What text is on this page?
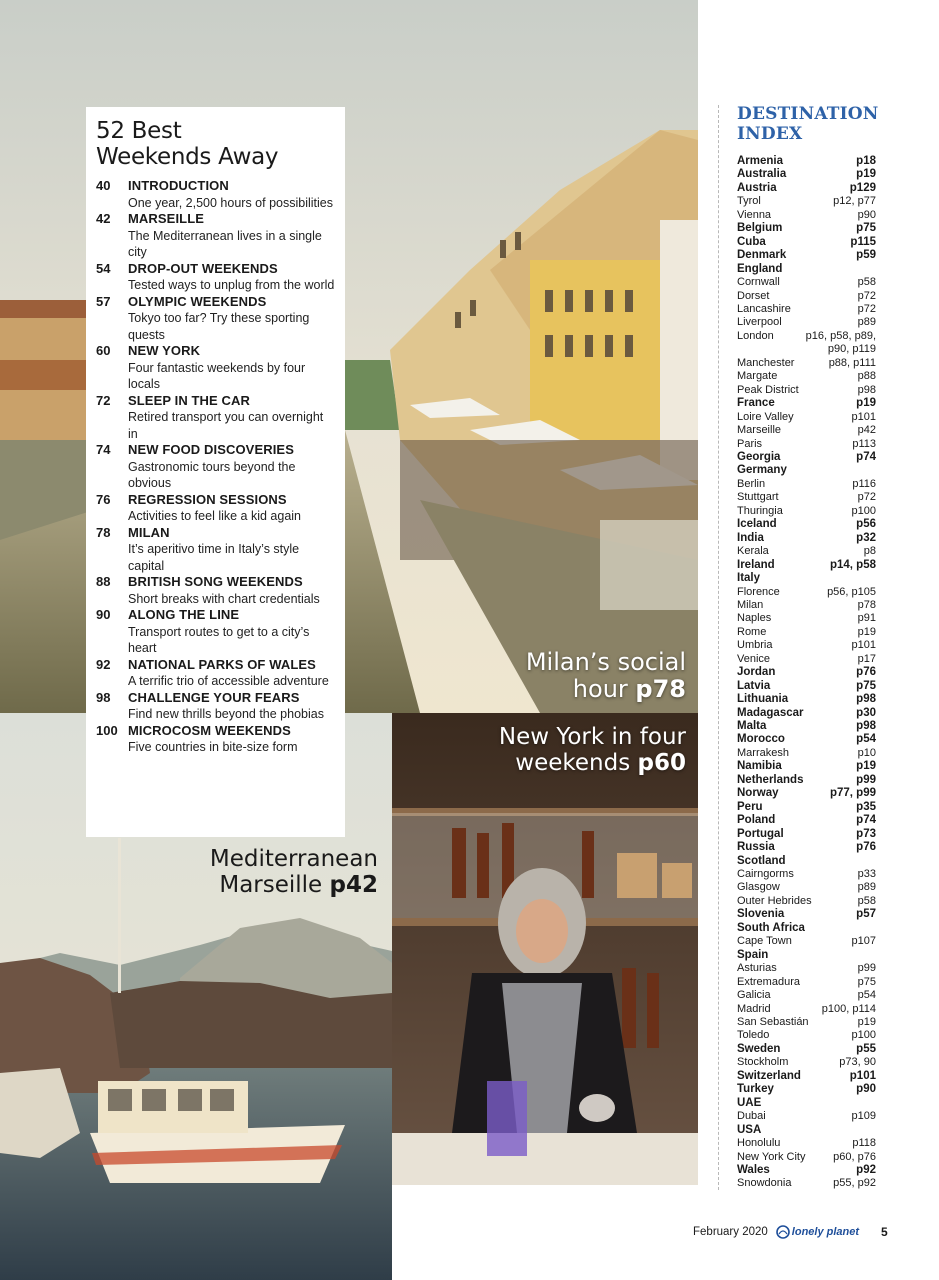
Milan’s social
hour p78
Mediterranean
Marseille p42
New York in four
weekends p60
52 Best
Weekends Away
40	INTRODUCTION
One year, 2,500 hours of possibilities
42	MARSEILLE
The Mediterranean lives in a single city
54	DROP-OUT WEEKENDS
Tested ways to unplug from the world
57	OLYMPIC WEEKENDS
Tokyo too far? Try these sporting quests
60	NEW YORK
Four fantastic weekends by four locals
72	SLEEP IN THE CAR
Retired transport you can overnight in
74	NEW FOOD DISCOVERIES
Gastronomic tours beyond the obvious
76	REGRESSION SESSIONS
Activities to feel like a kid again
78	MILAN
It’s aperitivo time in Italy’s style capital
88	BRITISH SONG WEEKENDS
Short breaks with chart credentials
90	ALONG THE LINE
Transport routes to get to a city’s heart
92	NATIONAL PARKS OF WALES
A terrific trio of accessible adventure
98	CHALLENGE YOUR FEARS
Find new thrills beyond the phobias
100 MICROCOSM WEEKENDS
Five countries in bite-size form
DESTINATION
INDEX
Armenia	p18
Australia	p19
Austria	p129
Tyrol	p12, p77
Vienna	p90
Belgium	p75
Cuba	p115
Denmark	p59
England
Cornwall	p58
Dorset	p72
Lancashire	p72
Liverpool	p89
London	p16, p58, p89,
p90, p119
Manchester	p88, p111
Margate	p88
Peak District	p98
France	p19
Loire Valley	p101
Marseille	p42
Paris	p113
Georgia	p74
Germany
Berlin	p116
Stuttgart	p72
Thuringia	p100
Iceland	p56
India	p32
Kerala	p8
Ireland	p14, p58
Italy
Florence	p56, p105
Milan	p78
Naples	p91
Rome	p19
Umbria	p101
Venice	p17
Jordan	p76
Latvia	p75
Lithuania	p98
Madagascar	p30
Malta	p98
Morocco	p54
Marrakesh	p10
Namibia	p19
Netherlands	p99
Norway	p77, p99
Peru	p35
Poland	p74
Portugal	p73
Russia	p76
Scotland
Cairngorms	p33
Glasgow	p89
Outer Hebrides	p58
Slovenia	p57
South Africa
Cape Town	p107
Spain
Asturias	p99
Extremadura	p75
Galicia	p54
Madrid	p100, p114
San Sebastián	p19
Toledo	p100
Sweden	p55
Stockholm	p73, 90
Switzerland	p101
Turkey	p90
UAE
Dubai	p109
USA
Honolulu	p118
New York City	p60, p76
Wales	p92
Snowdonia	p55, p92
February 2020 lonely planet 5
